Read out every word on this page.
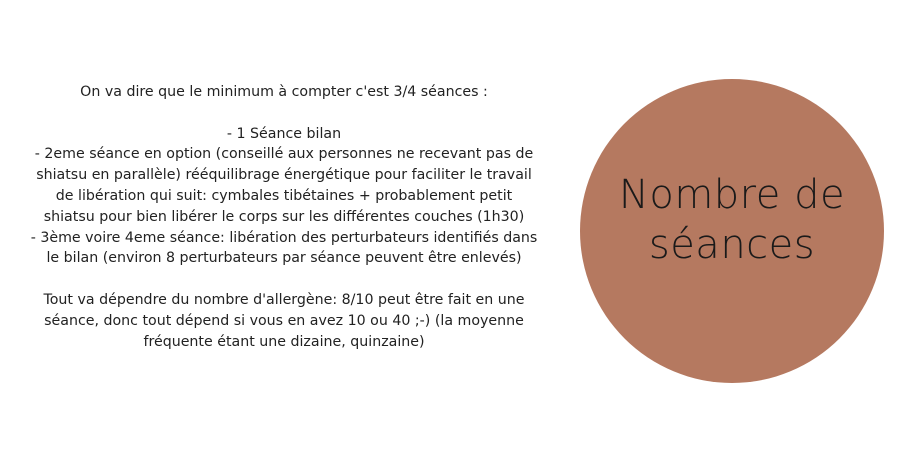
On va dire que le minimum à compter c'est 3/4 séances :

- 1 Séance bilan

- 2eme séance en option (conseillé aux personnes ne recevant pas de shiatsu en parallèle) rééquilibrage énergétique pour faciliter le travail de libération qui suit: cymbales tibétaines + probablement petit shiatsu pour bien libérer le corps sur les différentes couches (1h30)

- 3ème voire 4eme séance: libération des perturbateurs identifiés dans le bilan (environ 8 perturbateurs par séance peuvent être enlevés)

Tout va dépendre du nombre d'allergène: 8/10 peut être fait en une séance, donc tout dépend si vous en avez 10 ou 40 ;-) (la moyenne fréquente étant une dizaine, quinzaine)

Nombre de
séances
